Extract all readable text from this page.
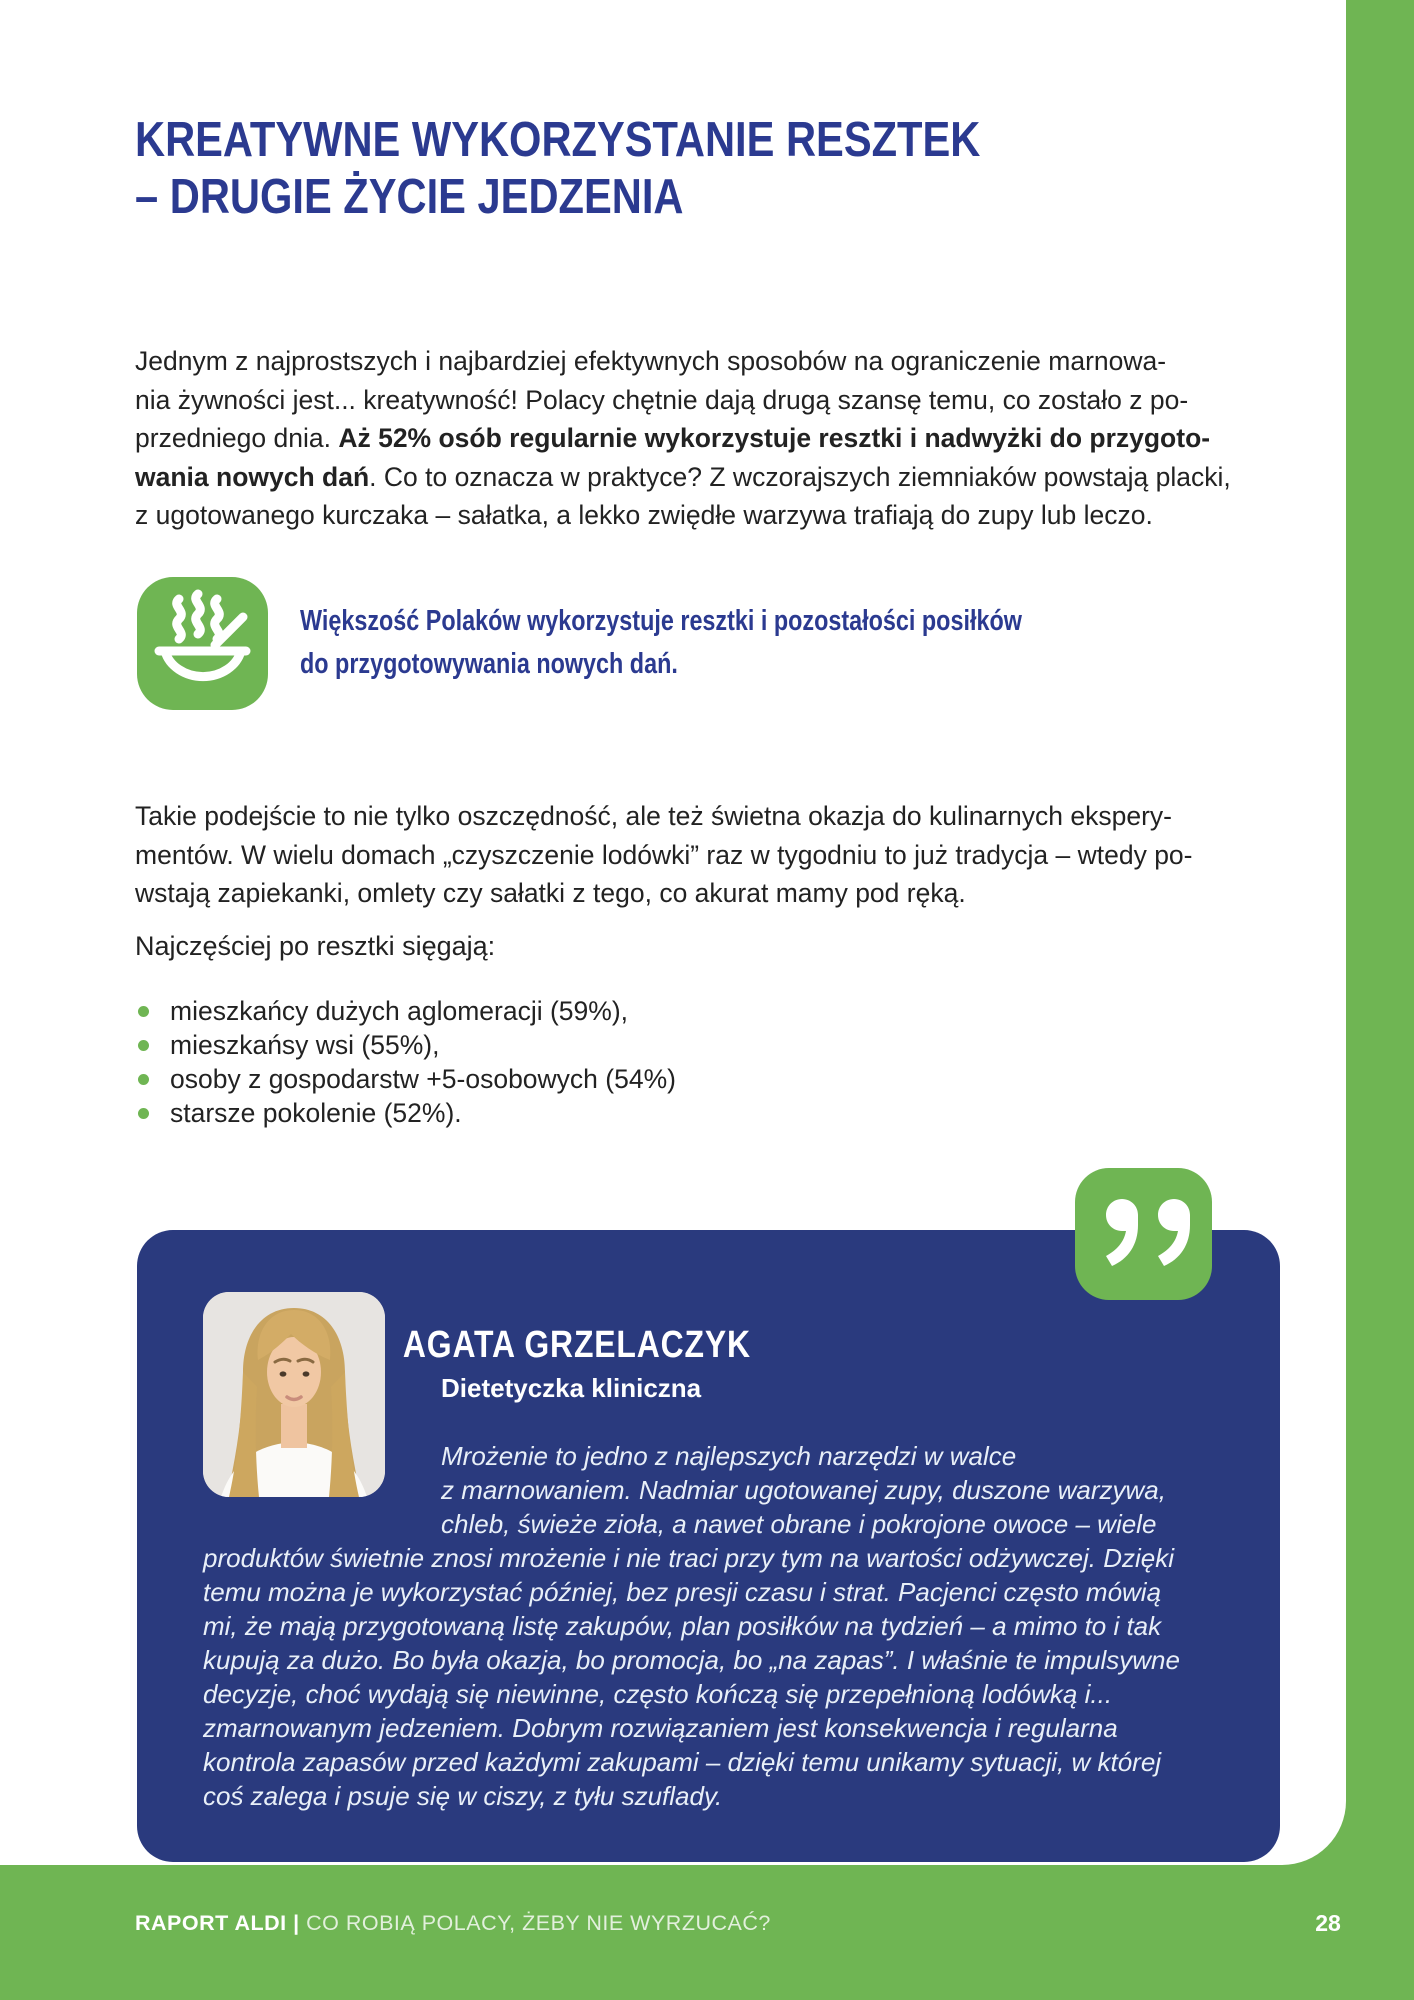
KREATYWNE WYKORZYSTANIE RESZTEK
– DRUGIE ŻYCIE JEDZENIA
Jednym z najprostszych i najbardziej efektywnych sposobów na ograniczenie marnowa-
nia żywności jest... kreatywność! Polacy chętnie dają drugą szansę temu, co zostało z po-
przedniego dnia. Aż 52% osób regularnie wykorzystuje resztki i nadwyżki do przygoto-
wania nowych dań. Co to oznacza w praktyce? Z wczorajszych ziemniaków powstają placki,
z ugotowanego kurczaka – sałatka, a lekko zwiędłe warzywa trafiają do zupy lub leczo.
Większość Polaków wykorzystuje resztki i pozostałości posiłków
do przygotowywania nowych dań.
Takie podejście to nie tylko oszczędność, ale też świetna okazja do kulinarnych ekspery-
mentów. W wielu domach „czyszczenie lodówki” raz w tygodniu to już tradycja – wtedy po-
wstają zapiekanki, omlety czy sałatki z tego, co akurat mamy pod ręką.
Najczęściej po resztki sięgają:
mieszkańcy dużych aglomeracji (59%),
mieszkańsy wsi (55%),
osoby z gospodarstw +5-osobowych (54%)
starsze pokolenie (52%).
AGATA GRZELACZYK
Dietetyczka kliniczna
Mrożenie to jedno z najlepszych narzędzi w walce
z marnowaniem. Nadmiar ugotowanej zupy, duszone warzywa,
chleb, świeże zioła, a nawet obrane i pokrojone owoce – wiele
produktów świetnie znosi mrożenie i nie traci przy tym na wartości odżywczej. Dzięki
temu można je wykorzystać później, bez presji czasu i strat. Pacjenci często mówią
mi, że mają przygotowaną listę zakupów, plan posiłków na tydzień – a mimo to i tak
kupują za dużo. Bo była okazja, bo promocja, bo „na zapas”. I właśnie te impulsywne
decyzje, choć wydają się niewinne, często kończą się przepełnioną lodówką i...
zmarnowanym jedzeniem. Dobrym rozwiązaniem jest konsekwencja i regularna
kontrola zapasów przed każdymi zakupami – dzięki temu unikamy sytuacji, w której
coś zalega i psuje się w ciszy, z tyłu szuflady.
RAPORT ALDI | CO ROBIĄ POLACY, ŻEBY NIE WYRZUCAĆ?	28
